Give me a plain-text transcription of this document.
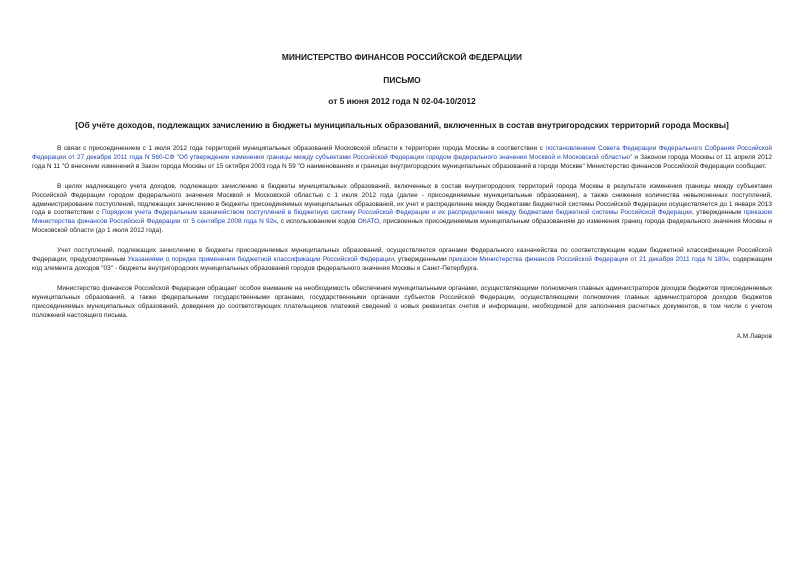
МИНИСТЕРСТВО ФИНАНСОВ РОССИЙСКОЙ ФЕДЕРАЦИИ
ПИСЬМО
от 5 июня 2012 года N 02-04-10/2012
[Об учёте доходов, подлежащих зачислению в бюджеты муниципальных образований, включенных в состав внутригородских территорий города Москвы]

В связи с присоединением с 1 июля 2012 года территорий муниципальных образований Московской области к территории города Москвы в соответствии с постановлением Совета Федерации Федерального Собрания Российской Федерации от 27 декабря 2011 года N 560-СФ "Об утверждении изменения границы между субъектами Российской Федерации городом федерального значения Москвой и Московской областью" и Законом города Москвы от 11 апреля 2012 года N 11 "О внесении изменений в Закон города Москвы от 15 октября 2003 года N 59 "О наименованиях и границах внутригородских муниципальных образований в городе Москве" Министерство финансов Российской Федерации сообщает.

В целях надлежащего учета доходов, подлежащих зачислению в бюджеты муниципальных образований, включенных в состав внутригородских территорий города Москвы в результате изменения границы между субъектами Российской Федерации городом федерального значения Москвой и Московской областью с 1 июля 2012 года (далее - присоединяемые муниципальные образования), а также снижения количества невыясненных поступлений, администрирование поступлений, подлежащих зачислению в бюджеты присоединяемых муниципальных образований, их учет и распределение между бюджетами бюджетной системы Российской Федерации осуществляется до 1 января 2013 года в соответствии с Порядком учета Федеральным казначейством поступлений в бюджетную систему Российской Федерации и их распределения между бюджетами бюджетной системы Российской Федерации, утвержденным приказом Министерства финансов Российской Федерации от 5 сентября 2008 года N 92н, с использованием кодов ОКАТО, присвоенных присоединяемым муниципальным образованиям до изменения границ города федерального значения Москвы и Московской области (до 1 июля 2012 года).

Учет поступлений, подлежащих зачислению в бюджеты присоединяемых муниципальных образований, осуществляется органами Федерального казначейства по соответствующим кодам бюджетной классификации Российской Федерации, предусмотренным Указаниями о порядке применения бюджетной классификации Российской Федерации, утвержденными приказом Министерства финансов Российской Федерации от 21 декабря 2011 года N 180н, содержащим код элемента доходов "03" - бюджеты внутригородских муниципальных образований городов федерального значения Москвы и Санкт-Петербурга.

Министерство финансов Российской Федерации обращает особое внимание на необходимость обеспечения муниципальными органами, осуществляющими полномочия главных администраторов доходов бюджетов присоединяемых муниципальных образований, а также федеральными государственными органами, государственными органами субъектов Российской Федерации, осуществляющими полномочия главных администраторов доходов бюджетов присоединяемых муниципальных образований, доведения до соответствующих плательщиков платежей сведений о новых реквизитах счетов и информации, необходимой для заполнения расчетных документов, в том числе с учетом положений настоящего письма.

А.М.Лавров
